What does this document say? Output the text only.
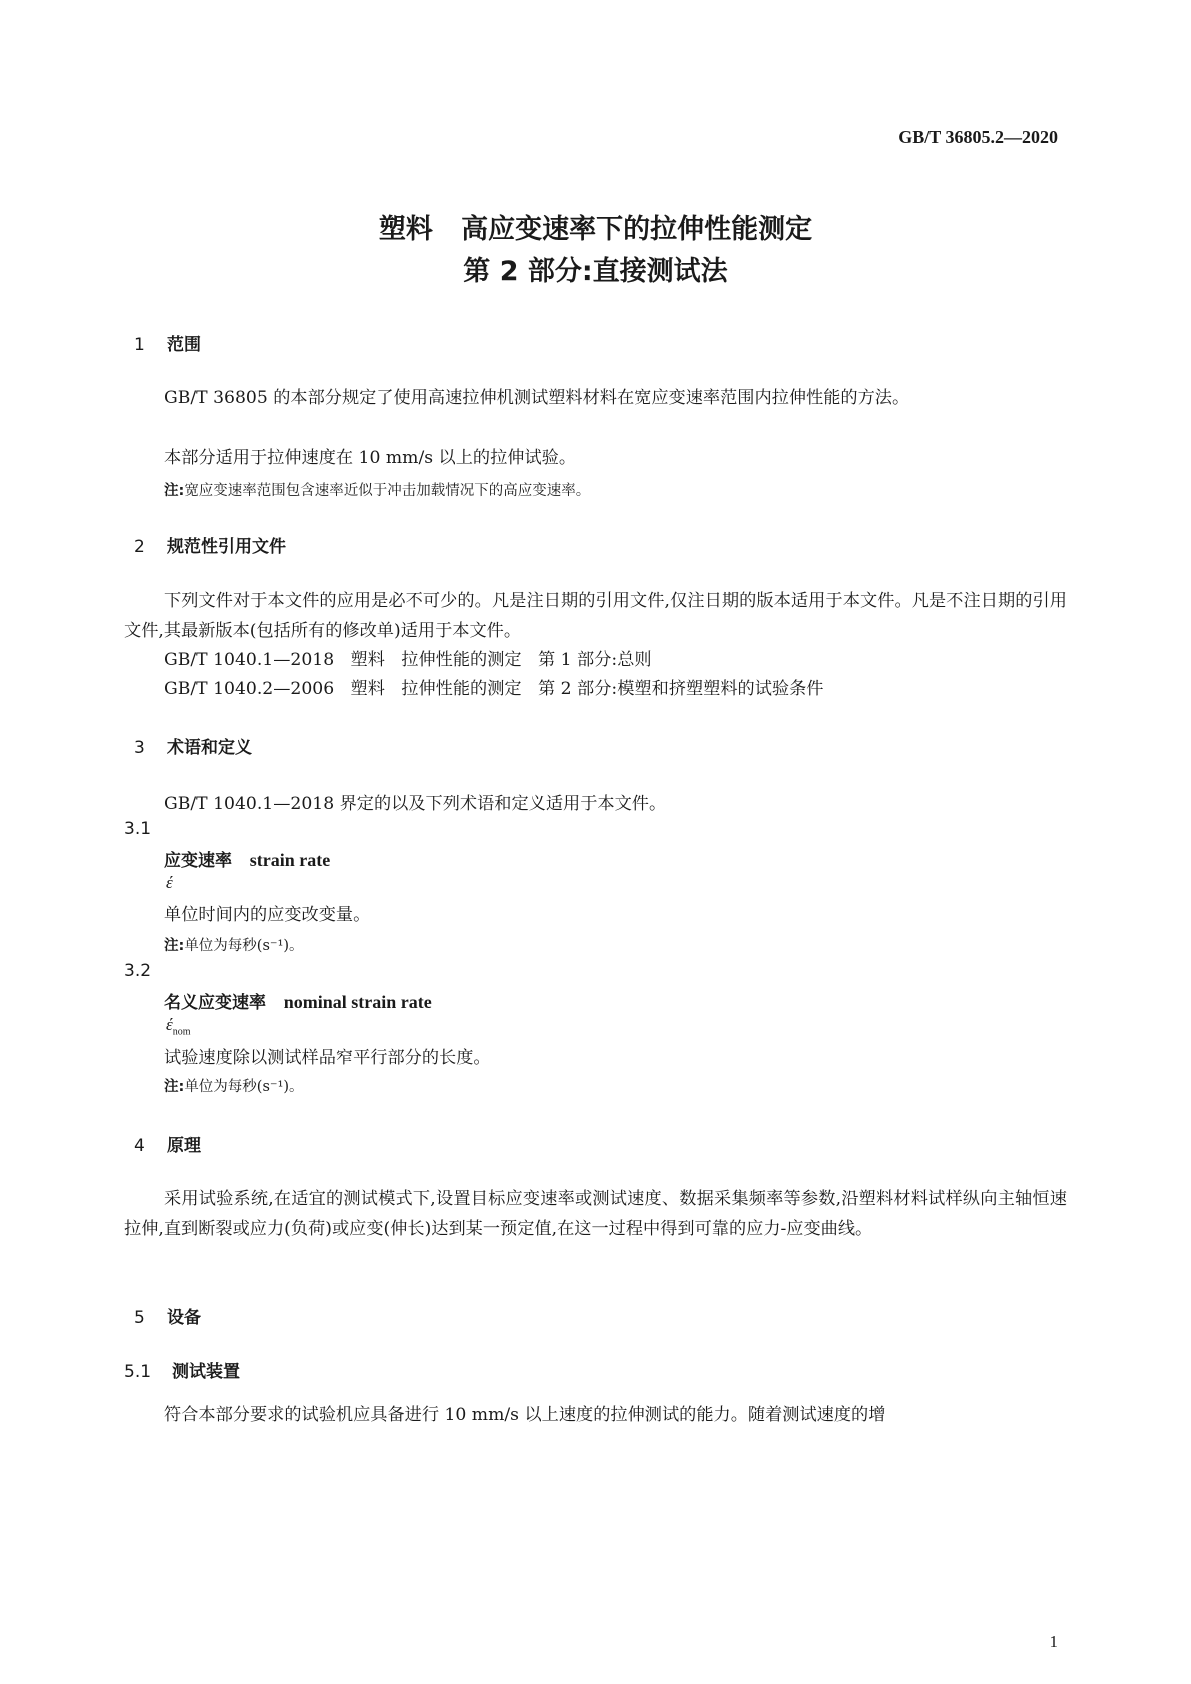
GB/T 36805.2—2020
塑料   高应变速率下的拉伸性能测定
第 2 部分:直接测试法
1 范围
GB/T 36805 的本部分规定了使用高速拉伸机测试塑料材料在宽应变速率范围内拉伸性能的方法。
本部分适用于拉伸速度在 10 mm/s 以上的拉伸试验。
注:宽应变速率范围包含速率近似于冲击加载情况下的高应变速率。
2 规范性引用文件
下列文件对于本文件的应用是必不可少的。凡是注日期的引用文件,仅注日期的版本适用于本文件。凡是不注日期的引用文件,其最新版本(包括所有的修改单)适用于本文件。
GB/T 1040.1—2018   塑料   拉伸性能的测定   第 1 部分:总则
GB/T 1040.2—2006   塑料   拉伸性能的测定   第 2 部分:模塑和挤塑塑料的试验条件
3 术语和定义
GB/T 1040.1—2018 界定的以及下列术语和定义适用于本文件。
3.1
应变速率 strain rate
έ
单位时间内的应变改变量。
注:单位为每秒(s⁻¹)。
3.2
名义应变速率 nominal strain rate
$έ_{nom}$
试验速度除以测试样品窄平行部分的长度。
注:单位为每秒(s⁻¹)。
4 原理
采用试验系统,在适宜的测试模式下,设置目标应变速率或测试速度、数据采集频率等参数,沿塑料材料试样纵向主轴恒速拉伸,直到断裂或应力(负荷)或应变(伸长)达到某一预定值,在这一过程中得到可靠的应力-应变曲线。
5 设备
5.1 测试装置
符合本部分要求的试验机应具备进行 10 mm/s 以上速度的拉伸测试的能力。随着测试速度的增
1
